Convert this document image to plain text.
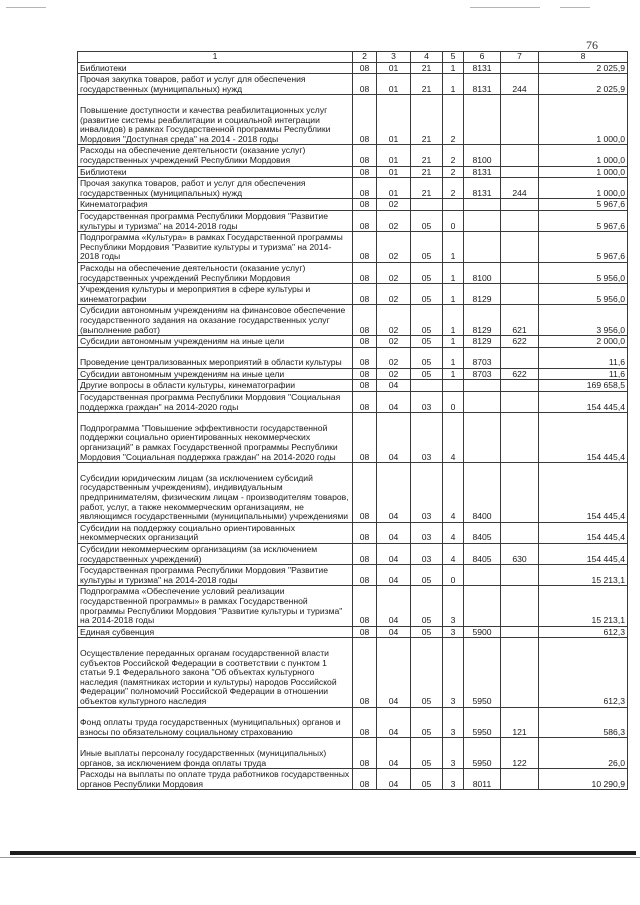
76
1	2	3	4	5	6	7	8
Библиотеки	08	01	21	1	8131		2 025,9
Прочая закупка товаров, работ и услуг для обеспечения государственных (муниципальных) нужд	08	01	21	1	8131	244	2 025,9
Повышение доступности и качества реабилитационных услуг (развитие системы реабилитации и социальной интеграции инвалидов) в рамках Государственной программы Республики Мордовия "Доступная среда" на 2014 - 2018 годы	08	01	21	2			1 000,0
Расходы на обеспечение деятельности (оказание услуг) государственных учреждений Республики Мордовия	08	01	21	2	8100		1 000,0
Библиотеки	08	01	21	2	8131		1 000,0
Прочая закупка товаров, работ и услуг для обеспечения государственных (муниципальных) нужд	08	01	21	2	8131	244	1 000,0
Кинематография	08	02					5 967,6
Государственная программа Республики Мордовия "Развитие культуры и туризма" на 2014-2018 годы	08	02	05	0			5 967,6
Подпрограмма «Культура» в рамках Государственной программы Республики Мордовия "Развитие культуры и туризма" на 2014-2018 годы	08	02	05	1			5 967,6
Расходы на обеспечение деятельности (оказание услуг) государственных учреждений Республики Мордовия	08	02	05	1	8100		5 956,0
Учреждения культуры и мероприятия в сфере культуры и кинематографии	08	02	05	1	8129		5 956,0
Субсидии автономным учреждениям на финансовое обеспечение государственного задания на оказание государственных услуг (выполнение работ)	08	02	05	1	8129	621	3 956,0
Субсидии автономным учреждениям на иные цели	08	02	05	1	8129	622	2 000,0
Проведение централизованных мероприятий в области культуры	08	02	05	1	8703		11,6
Субсидии автономным учреждениям на иные цели	08	02	05	1	8703	622	11,6
Другие вопросы в области культуры, кинематографии	08	04					169 658,5
Государственная программа Республики Мордовия "Социальная поддержка граждан" на 2014-2020 годы	08	04	03	0			154 445,4
Подпрограмма "Повышение эффективности государственной поддержки социально ориентированных некоммерческих организаций" в рамках Государственной программы Республики Мордовия "Социальная поддержка граждан" на 2014-2020 годы	08	04	03	4			154 445,4
Субсидии юридическим лицам (за исключением субсидий государственным учреждениям), индивидуальным предпринимателям, физическим лицам - производителям товаров, работ, услуг, а также некоммерческим организациям, не являющимся государственными (муниципальными) учреждениями	08	04	03	4	8400		154 445,4
Субсидии на поддержку социально ориентированных некоммерческих организаций	08	04	03	4	8405		154 445,4
Субсидии некоммерческим организациям (за исключением государственных учреждений)	08	04	03	4	8405	630	154 445,4
Государственная программа Республики Мордовия "Развитие культуры и туризма" на 2014-2018 годы	08	04	05	0			15 213,1
Подпрограмма «Обеспечение условий реализации государственной программы» в рамках Государственной программы Республики Мордовия "Развитие культуры и туризма" на 2014-2018 годы	08	04	05	3			15 213,1
Единая субвенция	08	04	05	3	5900		612,3
Осуществление переданных органам государственной власти субъектов Российской Федерации в соответствии с пунктом 1 статьи 9.1 Федерального закона "Об объектах культурного наследия (памятниках истории и культуры) народов Российской Федерации" полномочий Российской Федерации в отношении объектов культурного наследия	08	04	05	3	5950		612,3
Фонд оплаты труда государственных (муниципальных) органов и взносы по обязательному социальному страхованию	08	04	05	3	5950	121	586,3
Иные выплаты персоналу государственных (муниципальных) органов, за исключением фонда оплаты труда	08	04	05	3	5950	122	26,0
Расходы на выплаты по оплате труда работников государственных органов Республики Мордовия	08	04	05	3	8011		10 290,9
